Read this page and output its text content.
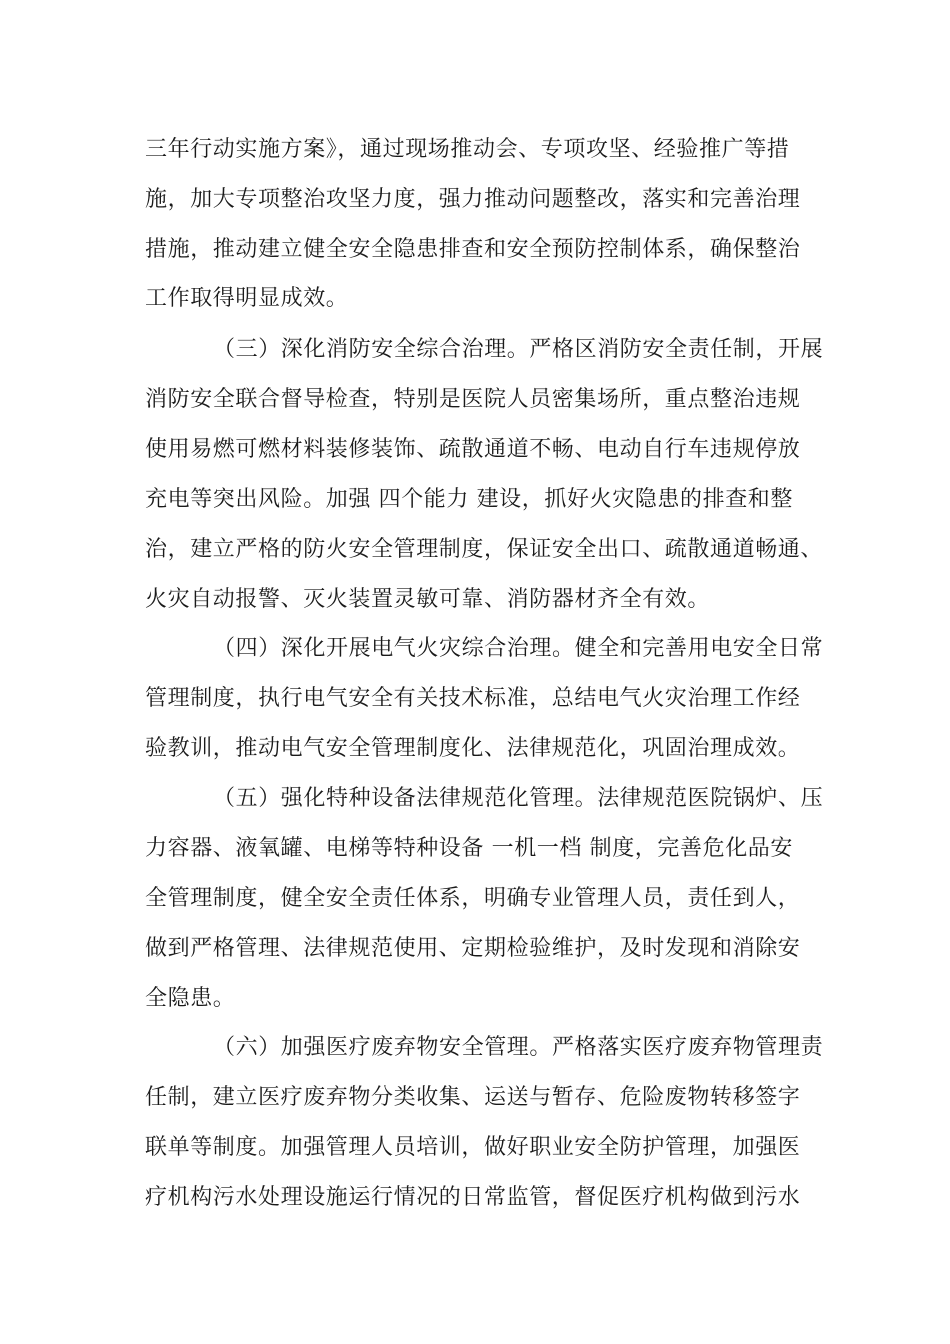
三年行动实施方案》，通过现场推动会、专项攻坚、经验推广等措
施，加大专项整治攻坚力度，强力推动问题整改，落实和完善治理
措施，推动建立健全安全隐患排查和安全预防控制体系，确保整治
工作取得明显成效。
（三）深化消防安全综合治理。严格区消防安全责任制，开展
消防安全联合督导检查，特别是医院人员密集场所，重点整治违规
使用易燃可燃材料装修装饰、疏散通道不畅、电动自行车违规停放
充电等突出风险。加强 四个能力 建设，抓好火灾隐患的排查和整
治，建立严格的防火安全管理制度，保证安全出口、疏散通道畅通、
火灾自动报警、灭火装置灵敏可靠、消防器材齐全有效。
（四）深化开展电气火灾综合治理。健全和完善用电安全日常
管理制度，执行电气安全有关技术标准，总结电气火灾治理工作经
验教训，推动电气安全管理制度化、法律规范化，巩固治理成效。
（五）强化特种设备法律规范化管理。法律规范医院锅炉、压
力容器、液氧罐、电梯等特种设备 一机一档 制度，完善危化品安
全管理制度，健全安全责任体系，明确专业管理人员，责任到人，
做到严格管理、法律规范使用、定期检验维护，及时发现和消除安
全隐患。
（六）加强医疗废弃物安全管理。严格落实医疗废弃物管理责
任制，建立医疗废弃物分类收集、运送与暂存、危险废物转移签字
联单等制度。加强管理人员培训，做好职业安全防护管理，加强医
疗机构污水处理设施运行情况的日常监管，督促医疗机构做到污水
